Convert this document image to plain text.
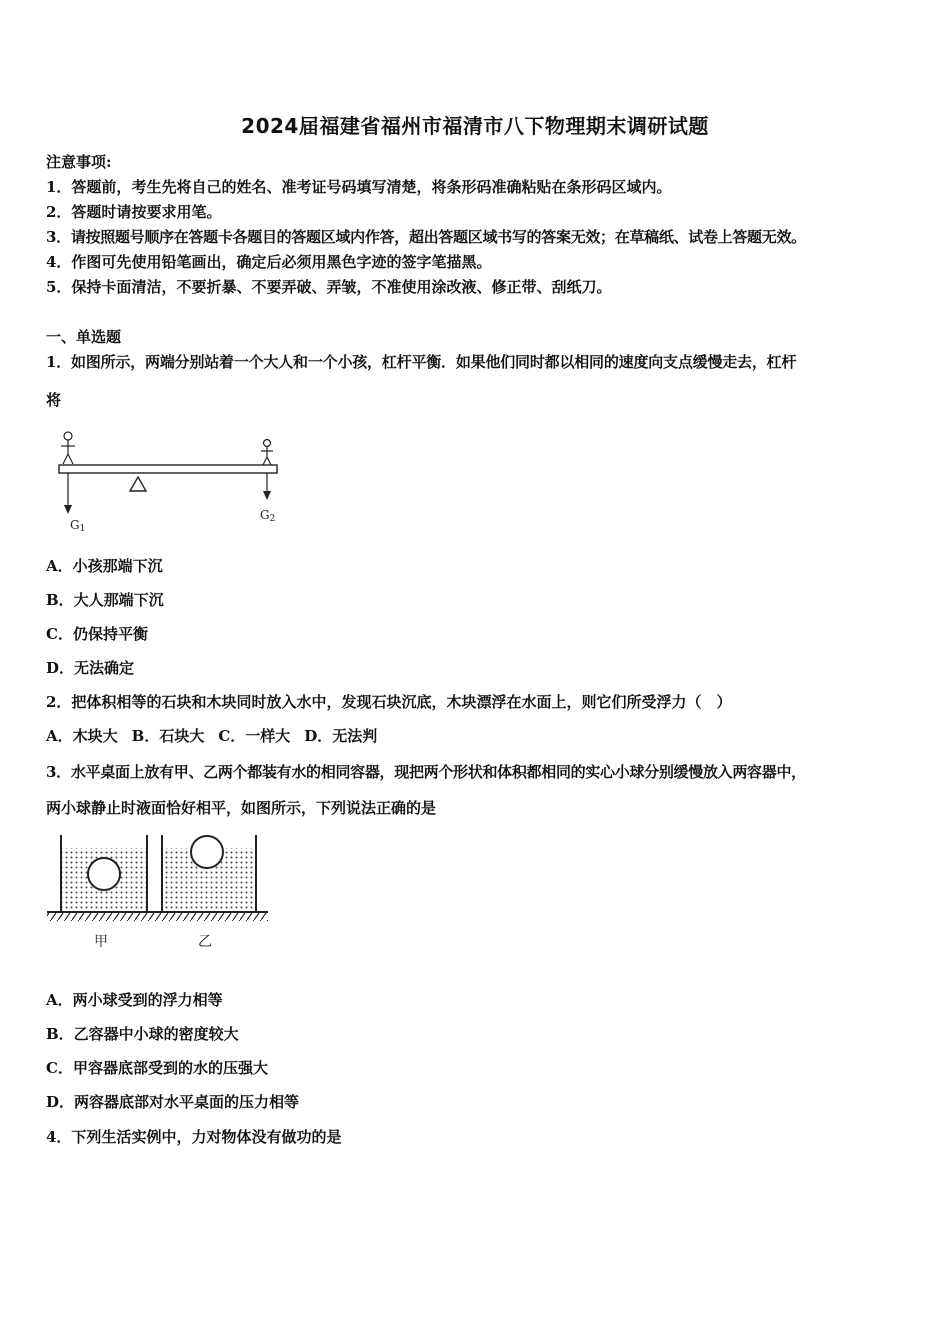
2024届福建省福州市福清市八下物理期末调研试题
注意事项:
1．答题前，考生先将自己的姓名、准考证号码填写清楚，将条形码准确粘贴在条形码区域内。
2．答题时请按要求用笔。
3．请按照题号顺序在答题卡各题目的答题区域内作答，超出答题区域书写的答案无效；在草稿纸、试卷上答题无效。
4．作图可先使用铅笔画出，确定后必须用黑色字迹的签字笔描黑。
5．保持卡面清洁，不要折暴、不要弄破、弄皱，不准使用涂改液、修正带、刮纸刀。
一、单选题
1．如图所示，两端分别站着一个大人和一个小孩，杠杆平衡．如果他们同时都以相同的速度向支点缓慢走去，杠杆
将
G1
G2
A．小孩那端下沉
B．大人那端下沉
C．仍保持平衡
D．无法确定
2．把体积相等的石块和木块同时放入水中，发现石块沉底，木块漂浮在水面上，则它们所受浮力（　）
A．木块大 B．石块大 C．一样大 D．无法判
3．水平桌面上放有甲、乙两个都装有水的相同容器，现把两个形状和体积都相同的实心小球分别缓慢放入两容器中，
两小球静止时液面恰好相平，如图所示，下列说法正确的是
甲	乙
A．两小球受到的浮力相等
B．乙容器中小球的密度较大
C．甲容器底部受到的水的压强大
D．两容器底部对水平桌面的压力相等
4．下列生活实例中，力对物体没有做功的是
